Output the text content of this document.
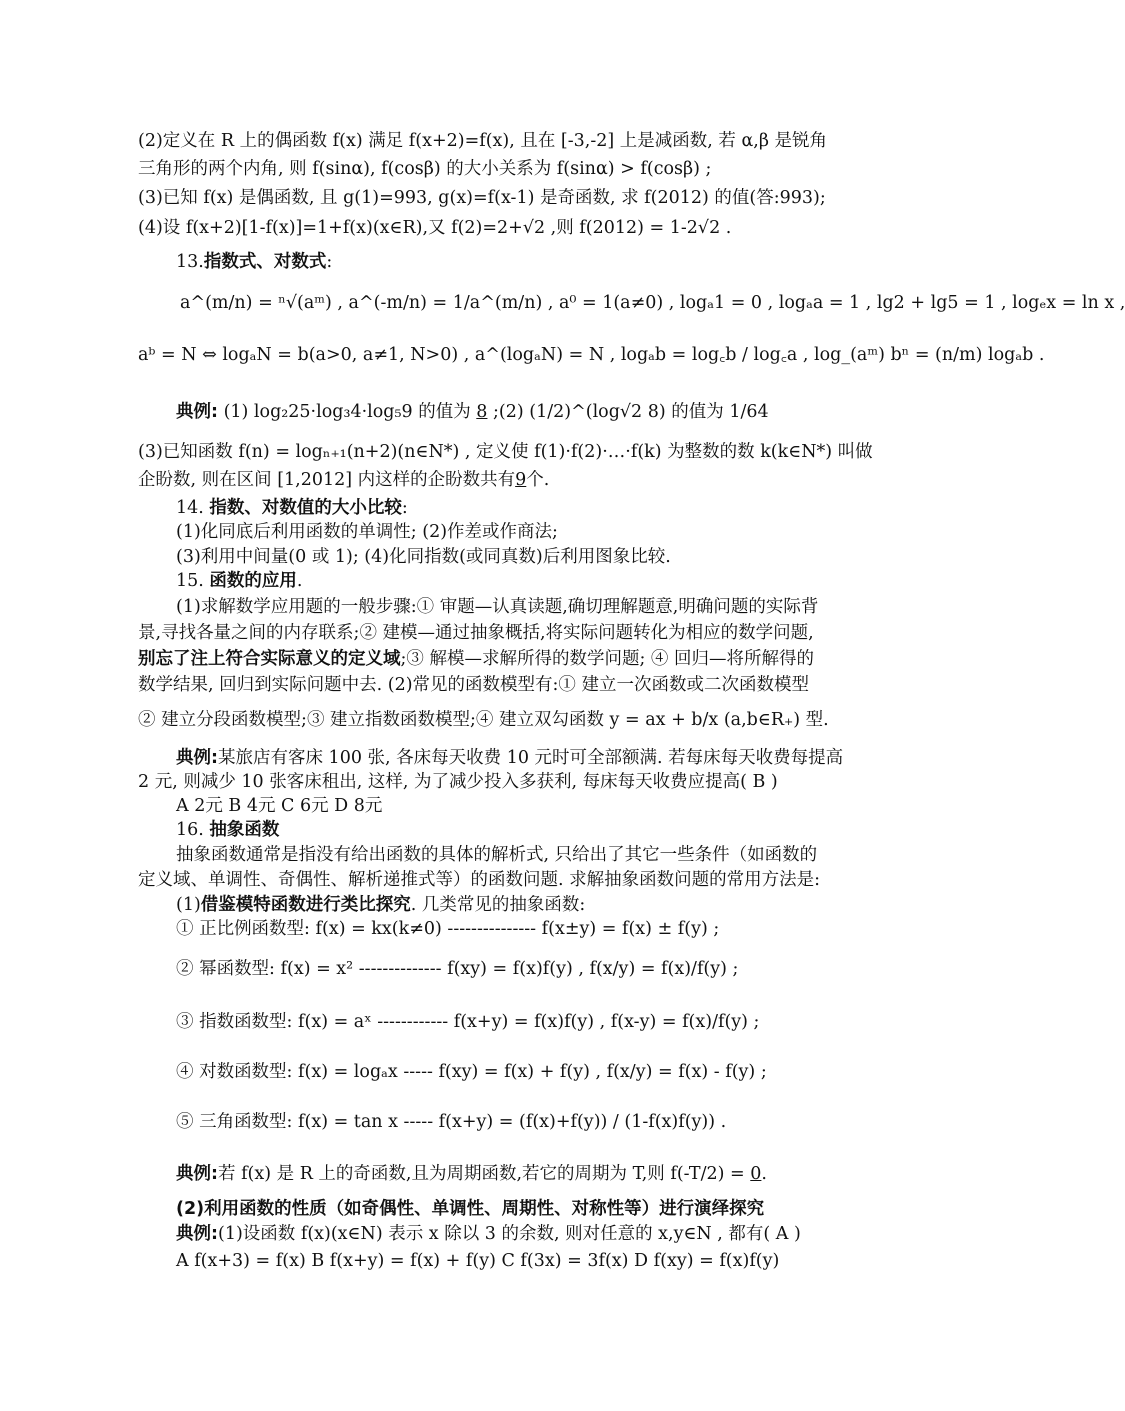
(2)定义在 R 上的偶函数 f(x) 满足 f(x+2)=f(x), 且在 [-3,-2] 上是减函数, 若 α,β 是锐角
三角形的两个内角, 则 f(sinα), f(cosβ) 的大小关系为 f(sinα) > f(cosβ) ;
(3)已知 f(x) 是偶函数, 且 g(1)=993, g(x)=f(x-1) 是奇函数, 求 f(2012) 的值(答:993);
(4)设 f(x+2)[1-f(x)]=1+f(x)(x∈R),又 f(2)=2+√2 ,则 f(2012) = 1-2√2 .
13.指数式、对数式:
a^(m/n) = ⁿ√(aᵐ) , a^(-m/n) = 1/a^(m/n) , a⁰ = 1(a≠0) , logₐ1 = 0 , logₐa = 1 , lg2 + lg5 = 1 , logₑx = ln x ,
aᵇ = N ⇔ logₐN = b(a>0, a≠1, N>0) , a^(logₐN) = N , logₐb = log꜀b / log꜀a , log_(aᵐ) bⁿ = (n/m) logₐb .
典例: (1) log₂25·log₃4·log₅9 的值为 8 ;(2) (1/2)^(log√2 8) 的值为 1/64
(3)已知函数 f(n) = logₙ₊₁(n+2)(n∈N*) , 定义使 f(1)·f(2)·…·f(k) 为整数的数 k(k∈N*) 叫做
企盼数, 则在区间 [1,2012] 内这样的企盼数共有9个.
14. 指数、对数值的大小比较:
(1)化同底后利用函数的单调性; (2)作差或作商法;
(3)利用中间量(0 或 1); (4)化同指数(或同真数)后利用图象比较.
15. 函数的应用.
(1)求解数学应用题的一般步骤:① 审题—认真读题,确切理解题意,明确问题的实际背
景,寻找各量之间的内存联系;② 建模—通过抽象概括,将实际问题转化为相应的数学问题,
别忘了注上符合实际意义的定义域;③ 解模—求解所得的数学问题; ④ 回归—将所解得的
数学结果, 回归到实际问题中去. (2)常见的函数模型有:① 建立一次函数或二次函数模型
② 建立分段函数模型;③ 建立指数函数模型;④ 建立双勾函数 y = ax + b/x (a,b∈R₊) 型.
典例:某旅店有客床 100 张, 各床每天收费 10 元时可全部额满. 若每床每天收费每提高
2 元, 则减少 10 张客床租出, 这样, 为了减少投入多获利, 每床每天收费应提高( B )
A 2元 B 4元 C 6元 D 8元
16. 抽象函数
抽象函数通常是指没有给出函数的具体的解析式, 只给出了其它一些条件（如函数的
定义域、单调性、奇偶性、解析递推式等）的函数问题. 求解抽象函数问题的常用方法是:
(1)借鉴模特函数进行类比探究. 几类常见的抽象函数:
① 正比例函数型: f(x) = kx(k≠0) --------------- f(x±y) = f(x) ± f(y) ;
② 幂函数型: f(x) = x² -------------- f(xy) = f(x)f(y) , f(x/y) = f(x)/f(y) ;
③ 指数函数型: f(x) = aˣ ------------ f(x+y) = f(x)f(y) , f(x-y) = f(x)/f(y) ;
④ 对数函数型: f(x) = logₐx ----- f(xy) = f(x) + f(y) , f(x/y) = f(x) - f(y) ;
⑤ 三角函数型: f(x) = tan x ----- f(x+y) = (f(x)+f(y)) / (1-f(x)f(y)) .
典例:若 f(x) 是 R 上的奇函数,且为周期函数,若它的周期为 T,则 f(-T/2) = 0.
(2)利用函数的性质（如奇偶性、单调性、周期性、对称性等）进行演绎探究
典例:(1)设函数 f(x)(x∈N) 表示 x 除以 3 的余数, 则对任意的 x,y∈N , 都有( A )
A f(x+3) = f(x) B f(x+y) = f(x) + f(y) C f(3x) = 3f(x) D f(xy) = f(x)f(y)
